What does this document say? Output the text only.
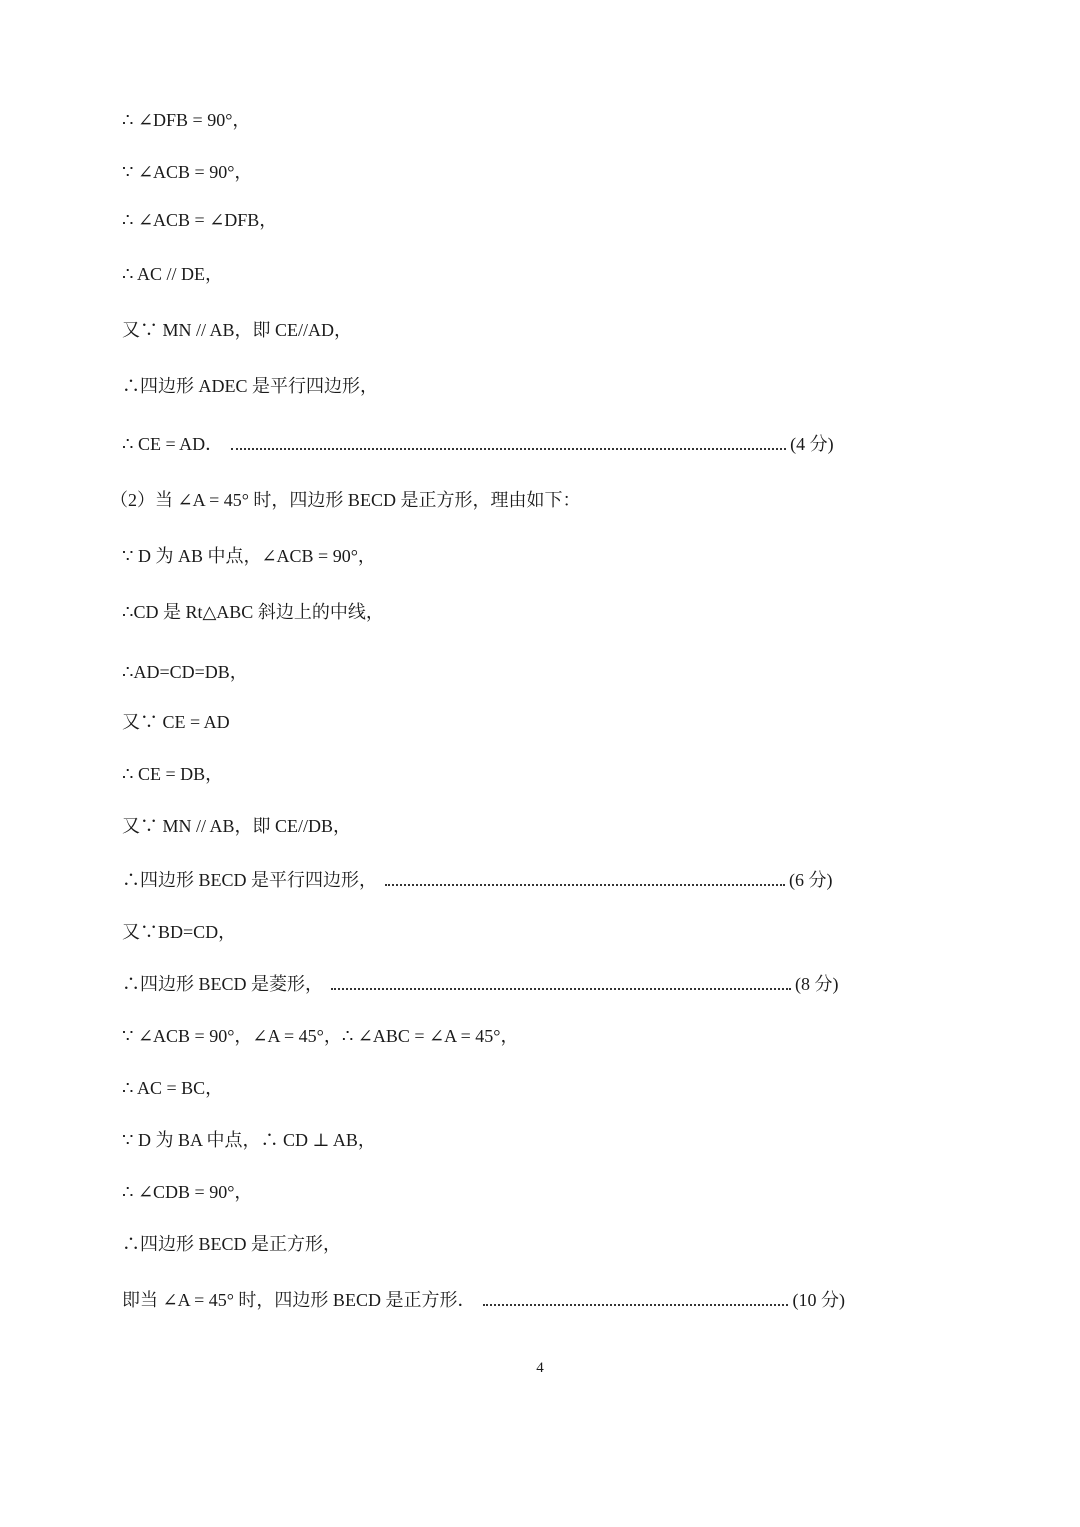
∴ ∠DFB = 90°，
∵ ∠ACB = 90°，
∴ ∠ACB = ∠DFB，
∴ AC // DE，
又∵ MN // AB，即 CE//AD，
∴四边形 ADEC 是平行四边形，
∴ CE = AD．	(4 分)
（2）当 ∠A = 45° 时，四边形 BECD 是正方形，理由如下：
∵ D 为 AB 中点，∠ACB = 90°，
∴CD 是 Rt△ABC 斜边上的中线，
∴AD=CD=DB，
又∵ CE = AD
∴ CE = DB，
又∵ MN // AB，即 CE//DB，
∴四边形 BECD 是平行四边形，	(6 分)
又∵BD=CD，
∴四边形 BECD 是菱形，	(8 分)
∵ ∠ACB = 90°，∠A = 45°，∴ ∠ABC = ∠A = 45°，
∴ AC = BC，
∵ D 为 BA 中点，∴ CD ⊥ AB，
∴ ∠CDB = 90°，
∴四边形 BECD 是正方形，
即当 ∠A = 45° 时，四边形 BECD 是正方形．	(10 分)
4
